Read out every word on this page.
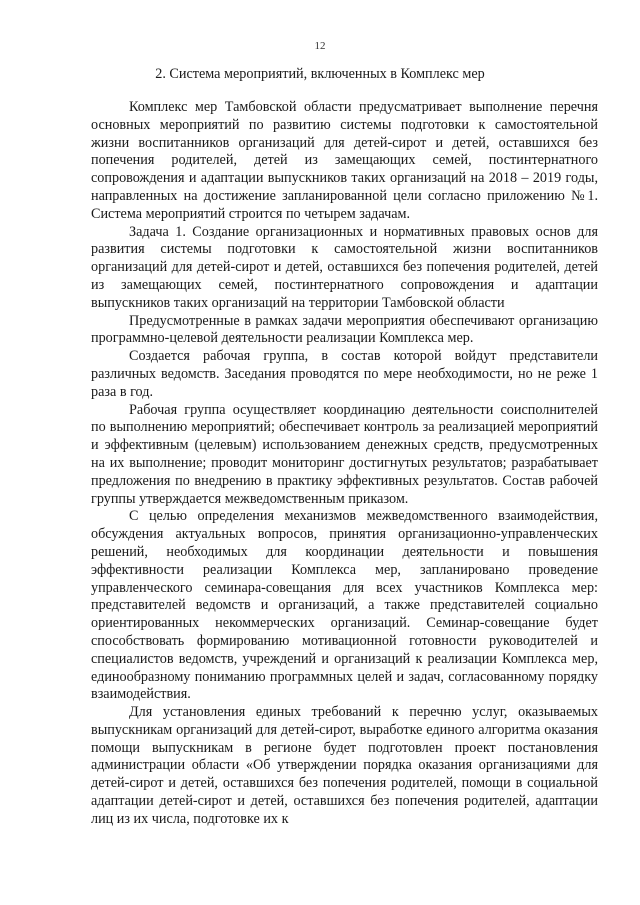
12
2. Система мероприятий, включенных в Комплекс мер

Комплекс мер Тамбовской области предусматривает выполнение перечня основных мероприятий по развитию системы подготовки к самостоятельной жизни воспитанников организаций для детей-сирот и детей, оставшихся без попечения родителей, детей из замещающих семей, постинтернатного сопровождения и адаптации выпускников таких организаций на 2018 – 2019 годы, направленных на достижение запланированной цели согласно приложению №1. Система мероприятий строится по четырем задачам.

Задача 1. Создание организационных и нормативных правовых основ для развития системы подготовки к самостоятельной жизни воспитанников организаций для детей-сирот и детей, оставшихся без попечения родителей, детей из замещающих семей, постинтернатного сопровождения и адаптации выпускников таких организаций на территории Тамбовской области

Предусмотренные в рамках задачи мероприятия обеспечивают организацию программно-целевой деятельности реализации Комплекса мер.

Создается рабочая группа, в состав которой войдут представители различных ведомств. Заседания проводятся по мере необходимости, но не реже 1 раза в год.

Рабочая группа осуществляет координацию деятельности соисполнителей по выполнению мероприятий; обеспечивает контроль за реализацией мероприятий и эффективным (целевым) использованием денежных средств, предусмотренных на их выполнение; проводит мониторинг достигнутых результатов; разрабатывает предложения по внедрению в практику эффективных результатов. Состав рабочей группы утверждается межведомственным приказом.

С целью определения механизмов межведомственного взаимодействия, обсуждения актуальных вопросов, принятия организационно-управленческих решений, необходимых для координации деятельности и повышения эффективности реализации Комплекса мер, запланировано проведение управленческого семинара-совещания для всех участников Комплекса мер: представителей ведомств и организаций, а также представителей социально ориентированных некоммерческих организаций. Семинар-совещание будет способствовать формированию мотивационной готовности руководителей и специалистов ведомств, учреждений и организаций к реализации Комплекса мер, единообразному пониманию программных целей и задач, согласованному порядку взаимодействия.

Для установления единых требований к перечню услуг, оказываемых выпускникам организаций для детей-сирот, выработке единого алгоритма оказания помощи выпускникам в регионе будет подготовлен проект постановления администрации области «Об утверждении порядка оказания организациями для детей-сирот и детей, оставшихся без попечения родителей, помощи в социальной адаптации детей-сирот и детей, оставшихся без попечения родителей, адаптации лиц из их числа, подготовке их к
